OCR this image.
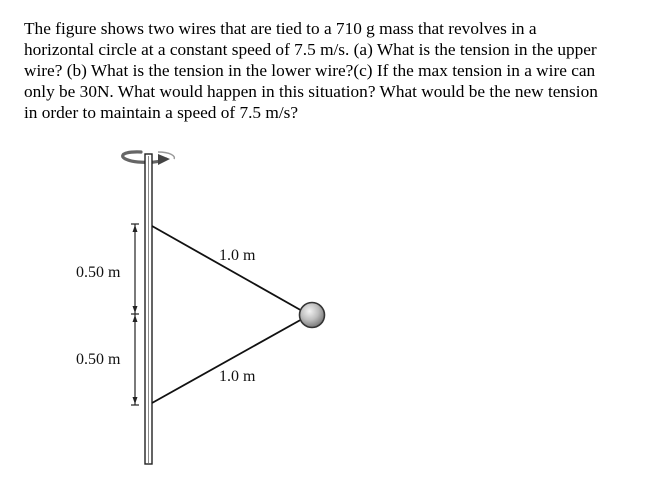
The figure shows two wires that are tied to a 710 g mass that revolves in a
horizontal circle at a constant speed of 7.5 m/s. (a) What is the tension in the upper
wire? (b) What is the tension in the lower wire?(c) If the max tension in a wire can
only be 30N. What would happen in this situation? What would be the new tension
in order to maintain a speed of 7.5 m/s?
0.50 m
0.50 m
1.0 m
1.0 m
